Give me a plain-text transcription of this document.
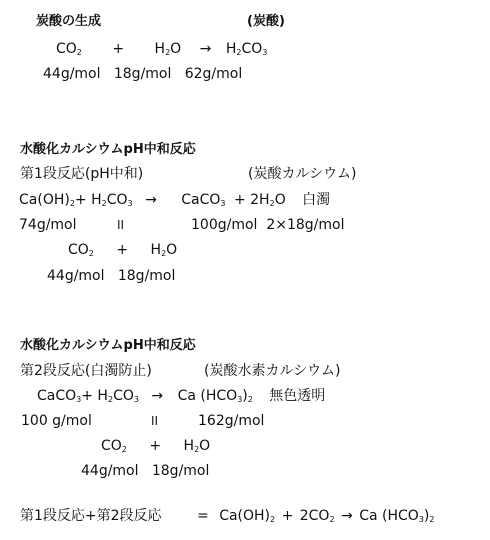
炭酸の生成	(炭酸)
$CO_2 + H_2O \to H_2CO_3$
44g/mol   18g/mol   62g/mol
水酸化カルシウムpH中和反応
第1段反応(pH中和)	(炭酸カルシウム)
$Ca(OH)_2+ H_2CO_3$ → CaCO$_3$ + $2H_2O$ 白濁
74g/mol	II	100g/mol  2×18g/mol
$CO_2 + H_2O$
44g/mol   18g/mol
水酸化カルシウムpH中和反応
第2段反応(白濁防止)	(炭酸水素カルシウム)
CaCO$_3$+ $H_2CO_3 \to Ca$ $(HCO_3)_2$ 無色透明
100 g/mol	II	162g/mol
$CO_2 + H_2O$
44g/mol   18g/mol
第1段反応+第2段反応	= $Ca(OH)_2 + 2CO_2 \to Ca$ $(HCO_3)_2$
